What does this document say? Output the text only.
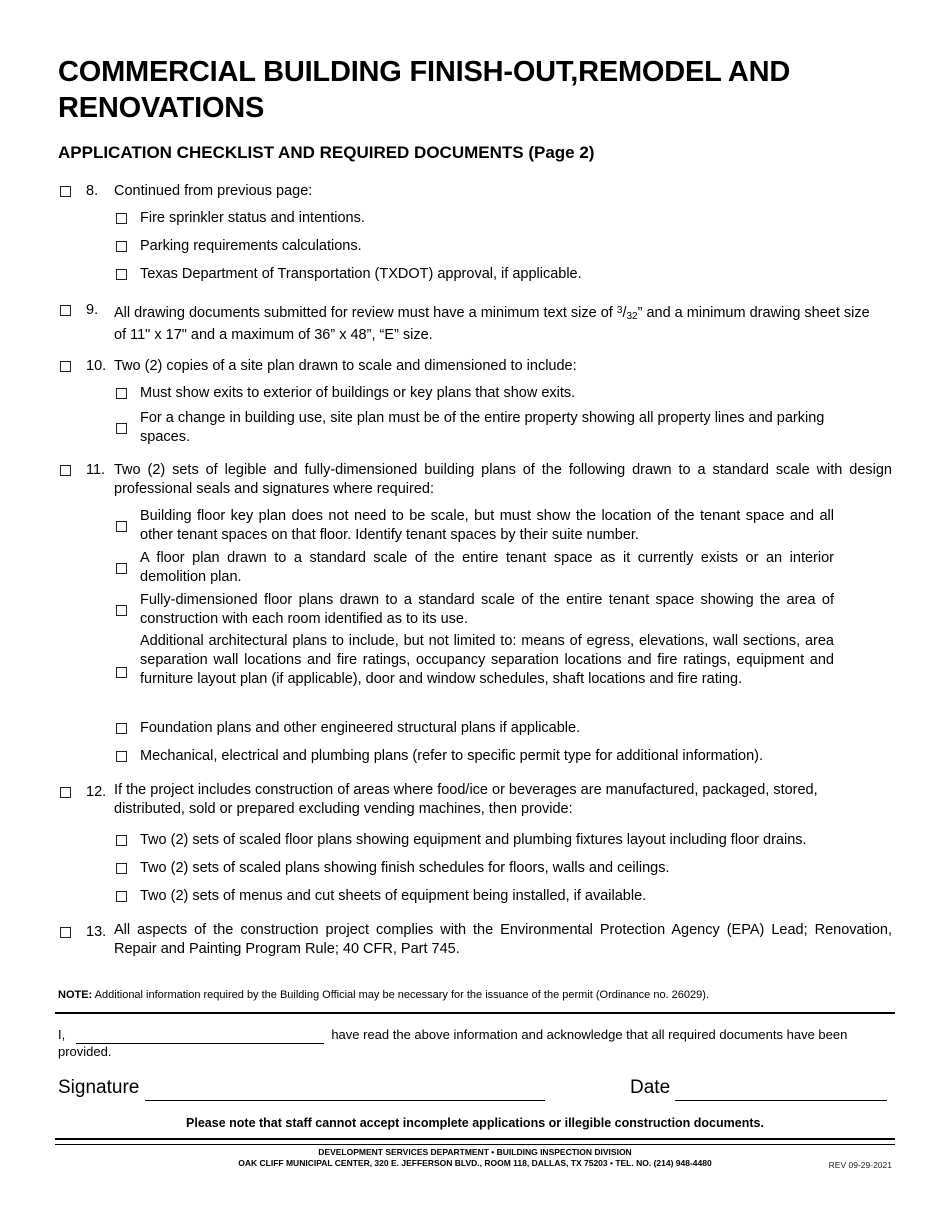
COMMERCIAL BUILDING FINISH-OUT,REMODEL AND RENOVATIONS
APPLICATION CHECKLIST AND REQUIRED DOCUMENTS (Page 2)
8. Continued from previous page:
Fire sprinkler status and intentions.
Parking requirements calculations.
Texas Department of Transportation (TXDOT) approval, if applicable.
9. All drawing documents submitted for review must have a minimum text size of $^3/_{32}$” and a minimum drawing sheet size of 11" x 17" and a maximum of 36” x 48”, “E” size.
10. Two (2) copies of a site plan drawn to scale and dimensioned to include:
Must show exits to exterior of buildings or key plans that show exits.
For a change in building use, site plan must be of the entire property showing all property lines and parking spaces.
11. Two (2) sets of legible and fully-dimensioned building plans of the following drawn to a standard scale with design professional seals and signatures where required:
Building floor key plan does not need to be scale, but must show the location of the tenant space and all other tenant spaces on that floor. Identify tenant spaces by their suite number.
A floor plan drawn to a standard scale of the entire tenant space as it currently exists or an interior demolition plan.
Fully-dimensioned floor plans drawn to a standard scale of the entire tenant space showing the area of construction with each room identified as to its use.
Additional architectural plans to include, but not limited to: means of egress, elevations, wall sections, area separation wall locations and fire ratings, occupancy separation locations and fire ratings, equipment and furniture layout plan (if applicable), door and window schedules, shaft locations and fire rating.
Foundation plans and other engineered structural plans if applicable.
Mechanical, electrical and plumbing plans (refer to specific permit type for additional information).
12. If the project includes construction of areas where food/ice or beverages are manufactured, packaged, stored, distributed, sold or prepared excluding vending machines, then provide:
Two (2) sets of scaled floor plans showing equipment and plumbing fixtures layout including floor drains.
Two (2) sets of scaled plans showing finish schedules for floors, walls and ceilings.
Two (2) sets of menus and cut sheets of equipment being installed, if available.
13. All aspects of the construction project complies with the Environmental Protection Agency (EPA) Lead; Renovation, Repair and Painting Program Rule; 40 CFR, Part 745.
NOTE: Additional information required by the Building Official may be necessary for the issuance of the permit (Ordinance no. 26029).
I,	have read the above information and acknowledge that all required documents have been provided.
Signature	Date
Please note that staff cannot accept incomplete applications or illegible construction documents.
DEVELOPMENT SERVICES DEPARTMENT • BUILDING INSPECTION DIVISION
OAK CLIFF MUNICIPAL CENTER, 320 E. JEFFERSON BLVD., ROOM 118, DALLAS, TX 75203 • TEL. NO. (214) 948-4480	REV 09-29-2021
